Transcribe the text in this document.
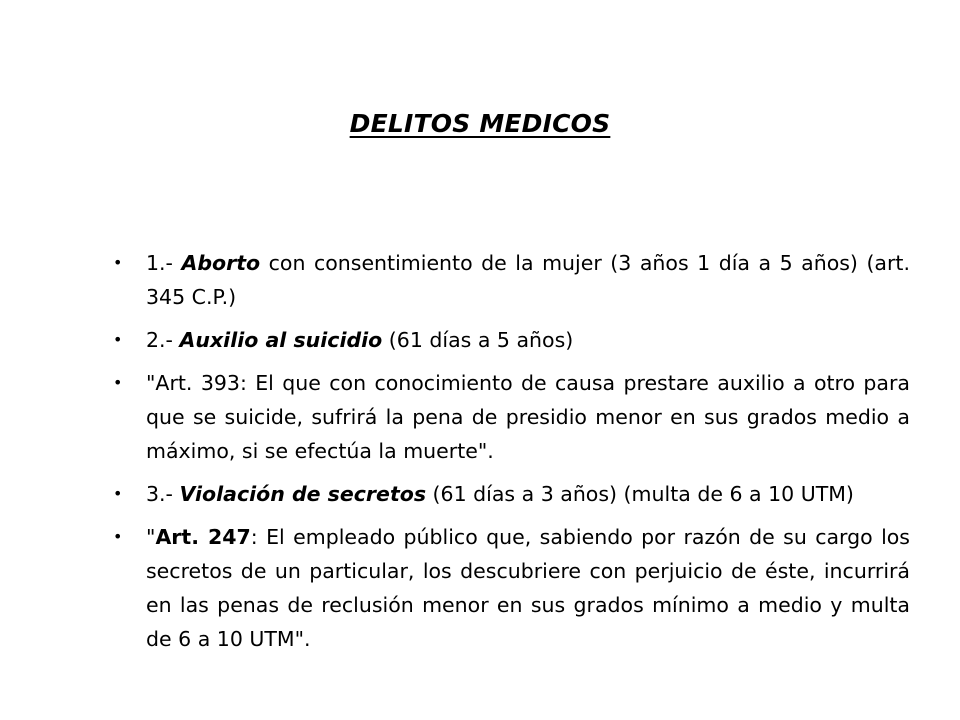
DELITOS MEDICOS
• 1.- Aborto con consentimiento de la mujer (3 años 1 día a 5 años) (art. 345 C.P.)
• 2.- Auxilio al suicidio (61 días a 5 años)
• "Art. 393: El que con conocimiento de causa prestare auxilio a otro para que se suicide, sufrirá la pena de presidio menor en sus grados medio a máximo, si se efectúa la muerte".
• 3.- Violación de secretos (61 días a 3 años) (multa de 6 a 10 UTM)
• "Art. 247: El empleado público que, sabiendo por razón de su cargo los secretos de un particular, los descubriere con perjuicio de éste, incurrirá en las penas de reclusión menor en sus grados mínimo a medio y multa de 6 a 10 UTM".
